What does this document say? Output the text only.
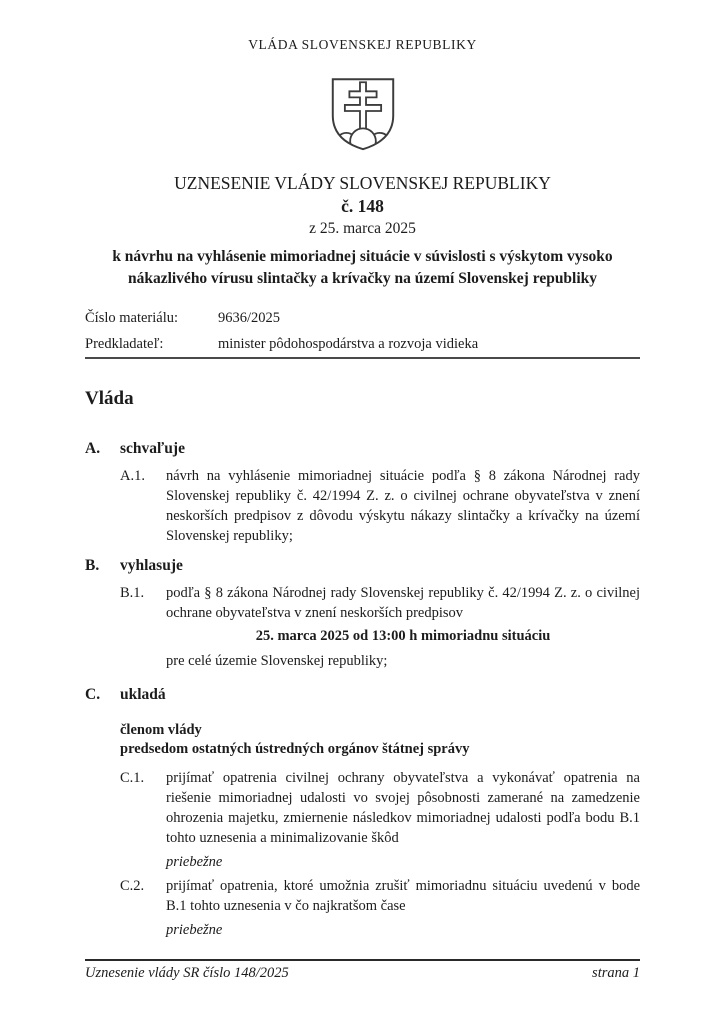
VLÁDA SLOVENSKEJ REPUBLIKY
UZNESENIE VLÁDY SLOVENSKEJ REPUBLIKY
č. 148
z 25. marca 2025
k návrhu na vyhlásenie mimoriadnej situácie v súvislosti s výskytom vysoko nákazlivého vírusu slintačky a krívačky na území Slovenskej republiky
Číslo materiálu:	9636/2025
Predkladateľ:	minister pôdohospodárstva a rozvoja vidieka
Vláda
A. schvaľuje
A.1. návrh na vyhlásenie mimoriadnej situácie podľa § 8 zákona Národnej rady Slovenskej republiky č. 42/1994 Z. z. o civilnej ochrane obyvateľstva v znení neskorších predpisov z dôvodu výskytu nákazy slintačky a krívačky na území Slovenskej republiky;
B. vyhlasuje
B.1. podľa § 8 zákona Národnej rady Slovenskej republiky č. 42/1994 Z. z. o civilnej ochrane obyvateľstva v znení neskorších predpisov
25. marca 2025 od 13:00 h mimoriadnu situáciu
pre celé územie Slovenskej republiky;
C. ukladá
členom vlády
predsedom ostatných ústredných orgánov štátnej správy
C.1. prijímať opatrenia civilnej ochrany obyvateľstva a vykonávať opatrenia na riešenie mimoriadnej udalosti vo svojej pôsobnosti zamerané na zamedzenie ohrozenia majetku, zmiernenie následkov mimoriadnej udalosti podľa bodu B.1 tohto uznesenia a minimalizovanie škôd
priebežne
C.2. prijímať opatrenia, ktoré umožnia zrušiť mimoriadnu situáciu uvedenú v bode B.1 tohto uznesenia v čo najkratšom čase
priebežne
Uznesenie vlády SR číslo 148/2025	strana 1
